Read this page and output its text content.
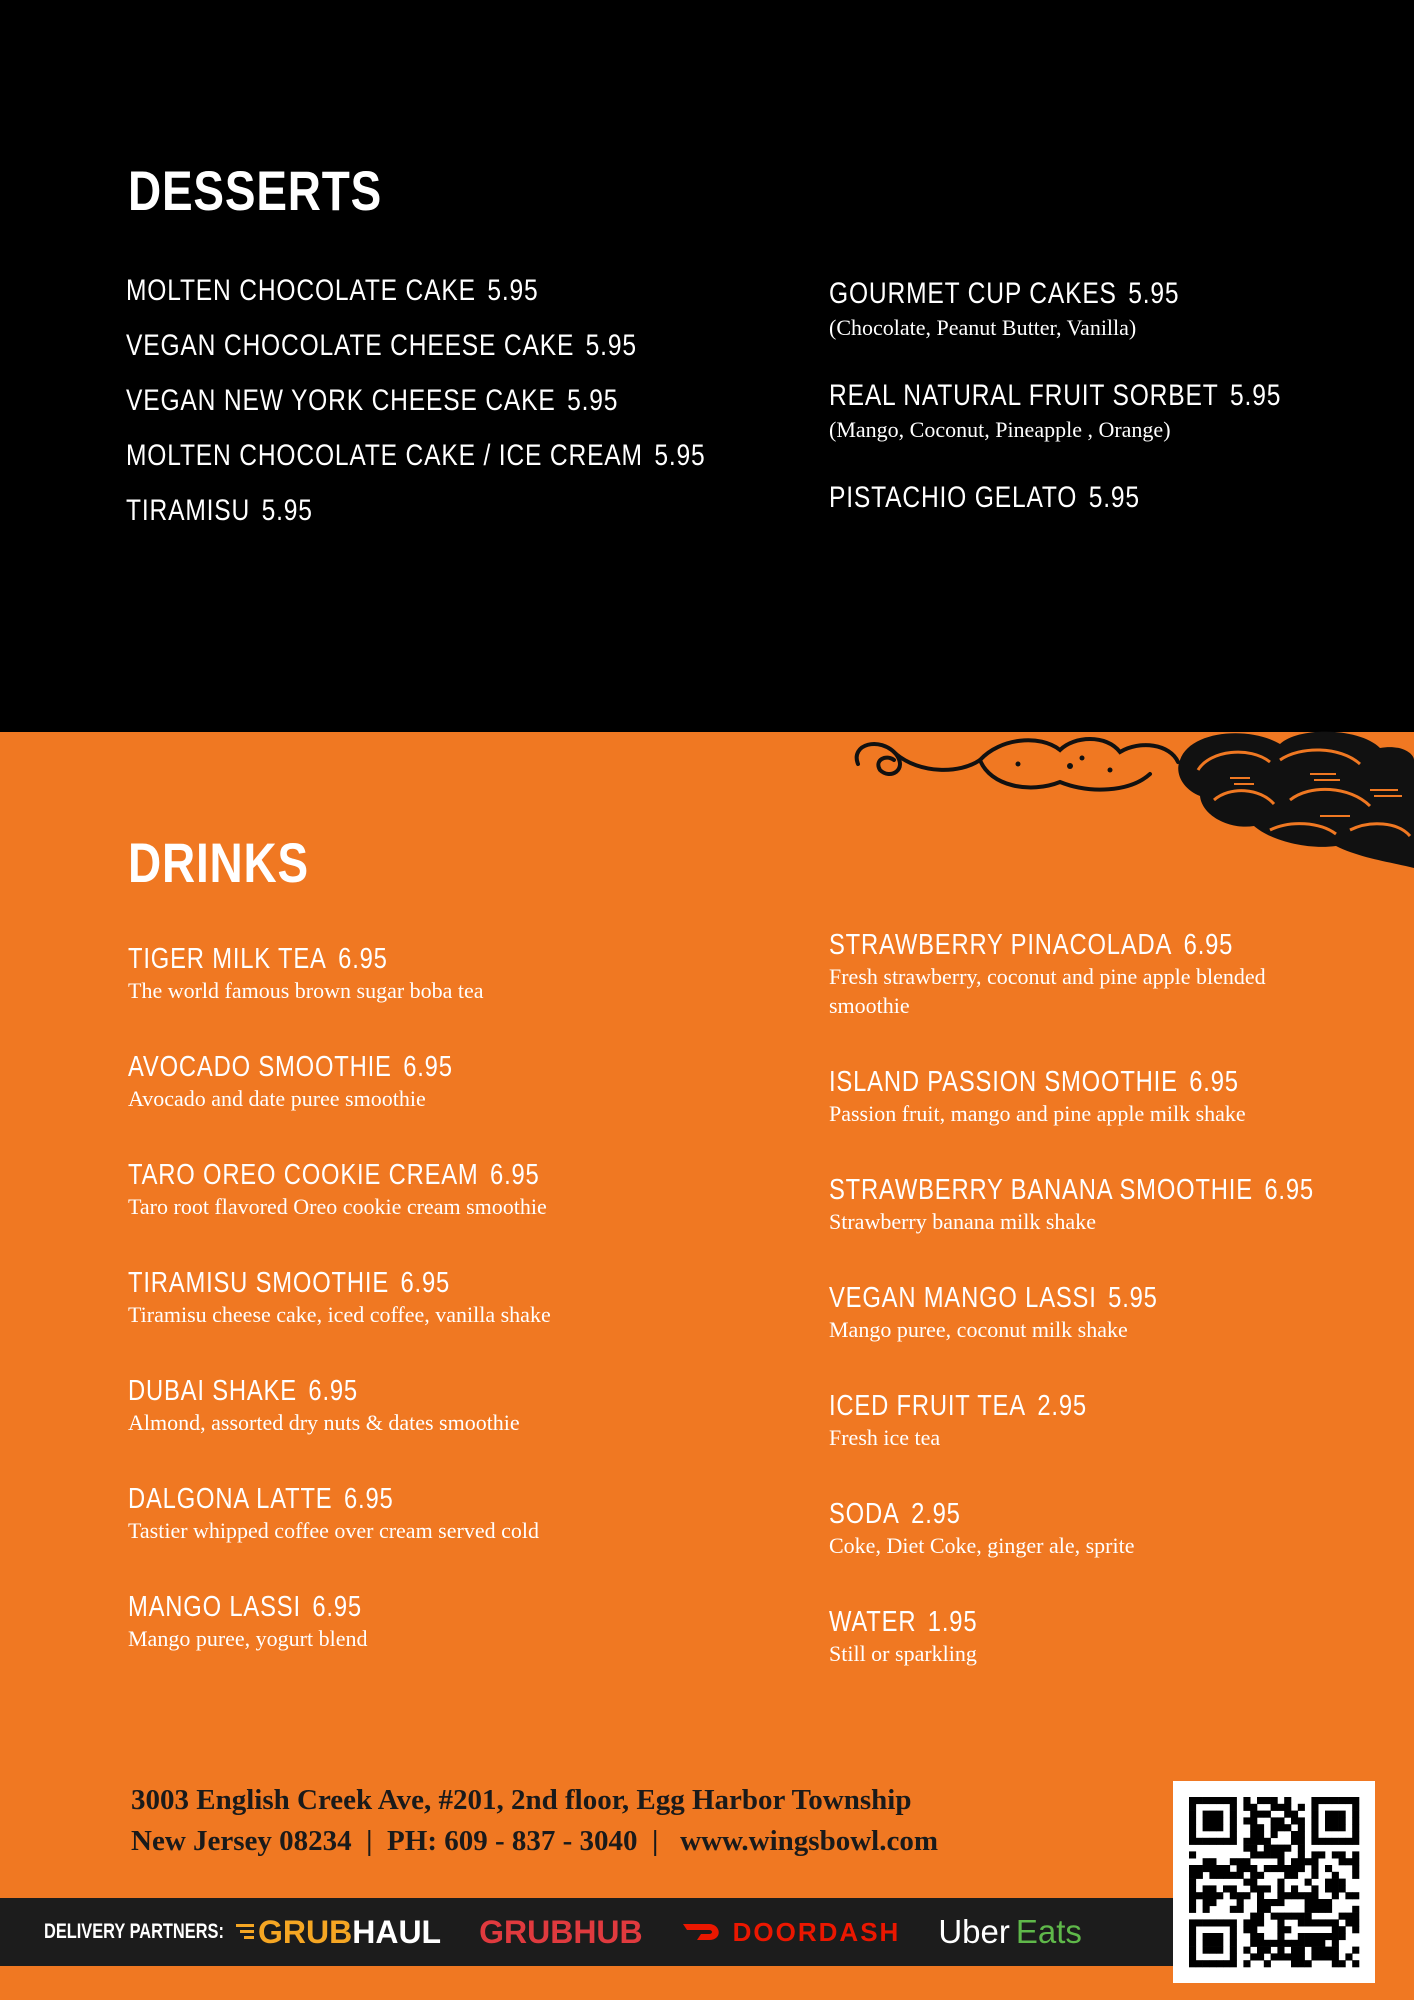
DESSERTS
MOLTEN CHOCOLATE CAKE 5.95
VEGAN CHOCOLATE CHEESE CAKE 5.95
VEGAN NEW YORK CHEESE CAKE 5.95
MOLTEN CHOCOLATE CAKE / ICE CREAM 5.95
TIRAMISU 5.95
GOURMET CUP CAKES 5.95
(Chocolate, Peanut Butter, Vanilla)
REAL NATURAL FRUIT SORBET 5.95
(Mango, Coconut, Pineapple , Orange)
PISTACHIO GELATO 5.95
DRINKS
TIGER MILK TEA 6.95
The world famous brown sugar boba tea
AVOCADO SMOOTHIE 6.95
Avocado and date puree smoothie
TARO OREO COOKIE CREAM 6.95
Taro root flavored Oreo cookie cream smoothie
TIRAMISU SMOOTHIE 6.95
Tiramisu cheese cake, iced coffee, vanilla shake
DUBAI SHAKE 6.95
Almond, assorted dry nuts & dates smoothie
DALGONA LATTE 6.95
Tastier whipped coffee over cream served cold
MANGO LASSI 6.95
Mango puree, yogurt blend
STRAWBERRY PINACOLADA 6.95
Fresh strawberry, coconut and pine apple blended smoothie
ISLAND PASSION SMOOTHIE 6.95
Passion fruit, mango and pine apple milk shake
STRAWBERRY BANANA SMOOTHIE 6.95
Strawberry banana milk shake
VEGAN MANGO LASSI 5.95
Mango puree, coconut milk shake
ICED FRUIT TEA 2.95
Fresh ice tea
SODA 2.95
Coke, Diet Coke, ginger ale, sprite
WATER 1.95
Still or sparkling
3003 English Creek Ave, #201, 2nd floor, Egg Harbor Township
New Jersey 08234  |  PH: 609 - 837 - 3040  |   www.wingsbowl.com
DELIVERY PARTNERS: GRUB HAUL GRUBHUB	DOORDASH Uber Eats
